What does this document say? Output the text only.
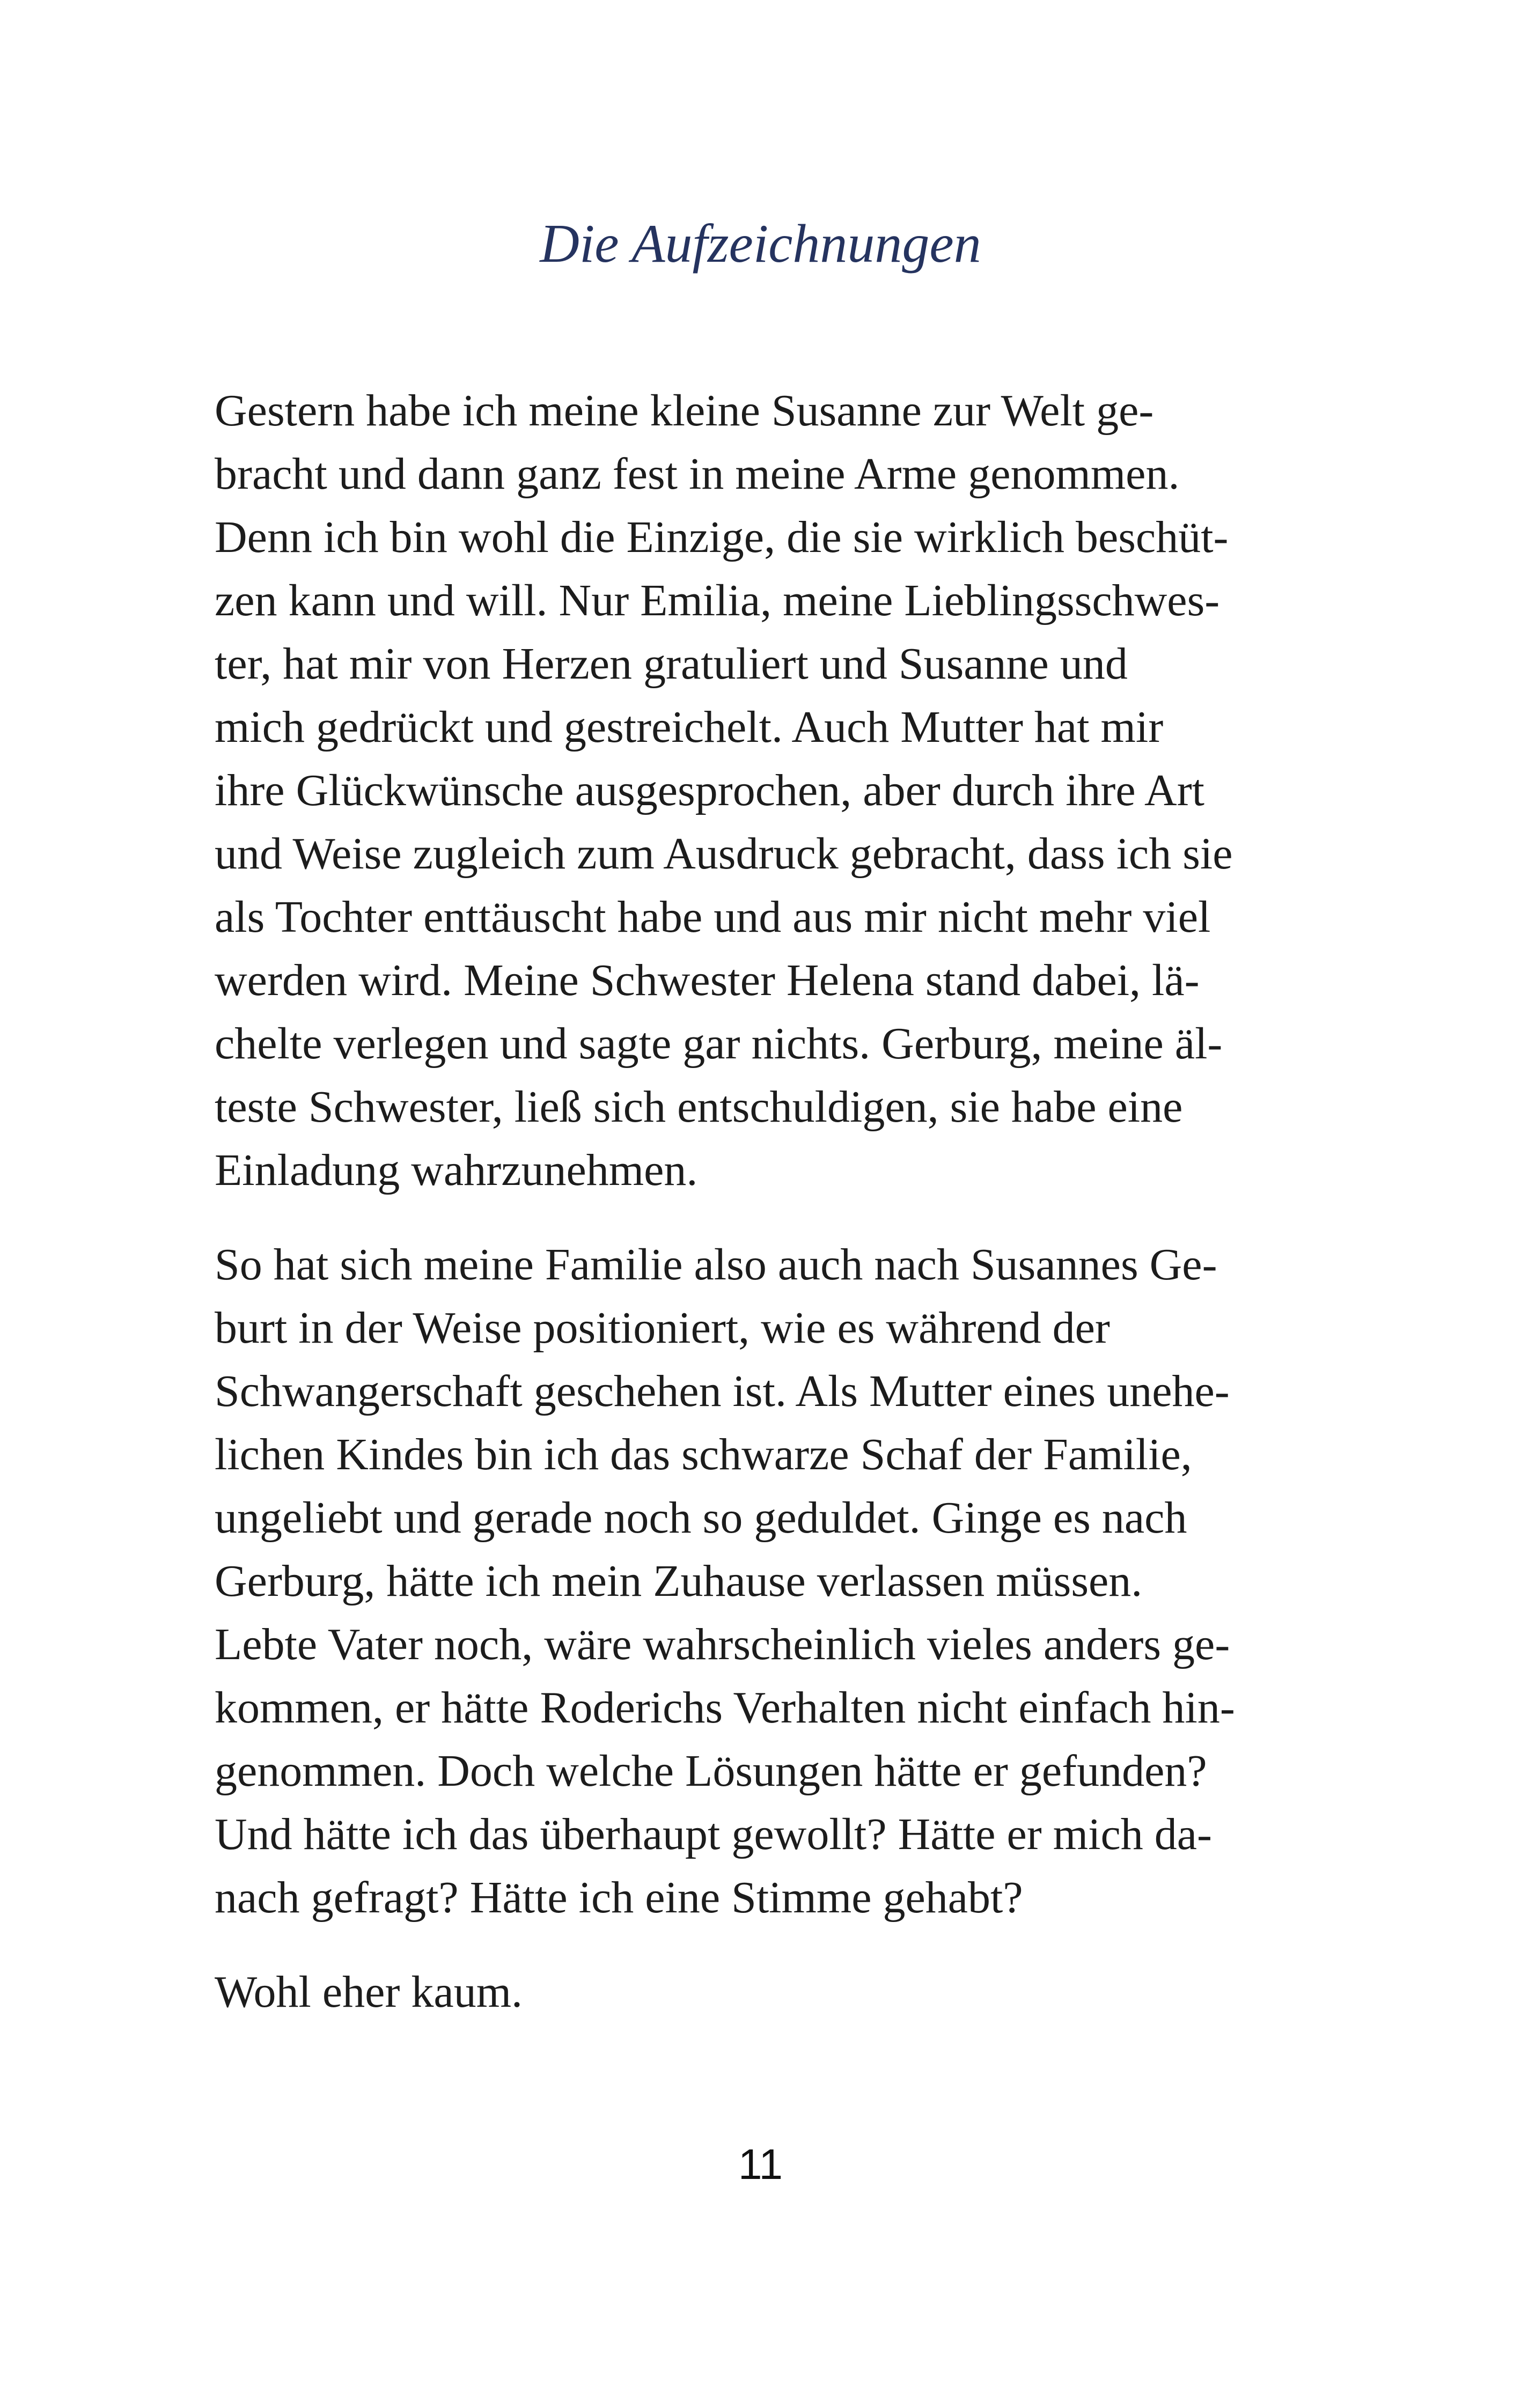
Die Aufzeichnungen
Gestern habe ich meine kleine Susanne zur Welt ge-
bracht und dann ganz fest in meine Arme genommen.
Denn ich bin wohl die Einzige, die sie wirklich beschüt-
zen kann und will. Nur Emilia, meine Lieblingsschwes-
ter, hat mir von Herzen gratuliert und Susanne und
mich gedrückt und gestreichelt. Auch Mutter hat mir
ihre Glückwünsche ausgesprochen, aber durch ihre Art
und Weise zugleich zum Ausdruck gebracht, dass ich sie
als Tochter enttäuscht habe und aus mir nicht mehr viel
werden wird. Meine Schwester Helena stand dabei, lä-
chelte verlegen und sagte gar nichts. Gerburg, meine äl-
teste Schwester, ließ sich entschuldigen, sie habe eine
Einladung wahrzunehmen.
So hat sich meine Familie also auch nach Susannes Ge-
burt in der Weise positioniert, wie es während der
Schwangerschaft geschehen ist. Als Mutter eines unehe-
lichen Kindes bin ich das schwarze Schaf der Familie,
ungeliebt und gerade noch so geduldet. Ginge es nach
Gerburg, hätte ich mein Zuhause verlassen müssen.
Lebte Vater noch, wäre wahrscheinlich vieles anders ge-
kommen, er hätte Roderichs Verhalten nicht einfach hin-
genommen. Doch welche Lösungen hätte er gefunden?
Und hätte ich das überhaupt gewollt? Hätte er mich da-
nach gefragt? Hätte ich eine Stimme gehabt?
Wohl eher kaum.
11
